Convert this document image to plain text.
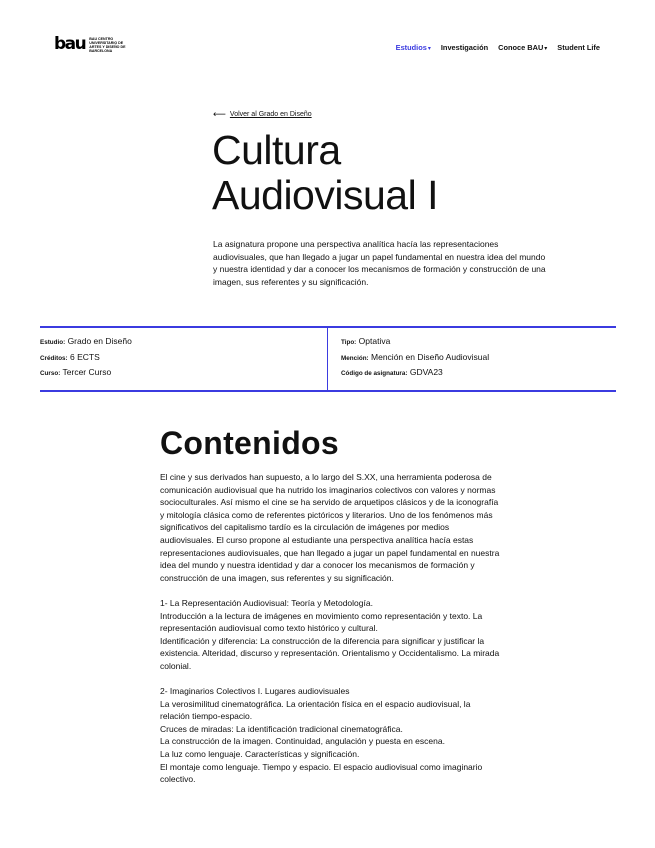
bau BAU CENTRO UNIVERSITARIO DE ARTES Y DISEÑO DE BARCELONA	Estudios▾ Investigación Conoce BAU▾ Student Life
⟵ Volver al Grado en Diseño
Cultura
Audiovisual I

La asignatura propone una perspectiva analítica hacía las representaciones audiovisuales, que han llegado a jugar un papel fundamental en nuestra idea del mundo y nuestra identidad y dar a conocer los mecanismos de formación y construcción de una imagen, sus referentes y su significación.

Estudio: Grado en Diseño
Créditos: 6 ECTS
Curso: Tercer Curso
Tipo: Optativa
Mención: Mención en Diseño Audiovisual
Código de asignatura: GDVA23
Contenidos

El cine y sus derivados han supuesto, a lo largo del S.XX, una herramienta poderosa de comunicación audiovisual que ha nutrido los imaginarios colectivos con valores y normas socioculturales. Así mismo el cine se ha servido de arquetipos clásicos y de la iconografía y mitología clásica como de referentes pictóricos y literarios. Uno de los fenómenos más significativos del capitalismo tardío es la circulación de imágenes por medios audiovisuales. El curso propone al estudiante una perspectiva analítica hacía estas representaciones audiovisuales, que han llegado a jugar un papel fundamental en nuestra idea del mundo y nuestra identidad y dar a conocer los mecanismos de formación y construcción de una imagen, sus referentes y su significación.

1- La Representación Audiovisual: Teoría y Metodología.
Introducción a la lectura de imágenes en movimiento como representación y texto. La representación audiovisual como texto histórico y cultural.
Identificación y diferencia: La construcción de la diferencia para significar y justificar la existencia. Alteridad, discurso y representación. Orientalismo y Occidentalismo. La mirada colonial.
2- Imaginarios Colectivos I. Lugares audiovisuales
La verosimilitud cinematográfica. La orientación física en el espacio audiovisual, la relación tiempo-espacio.
Cruces de miradas: La identificación tradicional cinematográfica.
La construcción de la imagen. Continuidad, angulación y puesta en escena.
La luz como lenguaje. Características y significación.
El montaje como lenguaje. Tiempo y espacio. El espacio audiovisual como imaginario colectivo.
